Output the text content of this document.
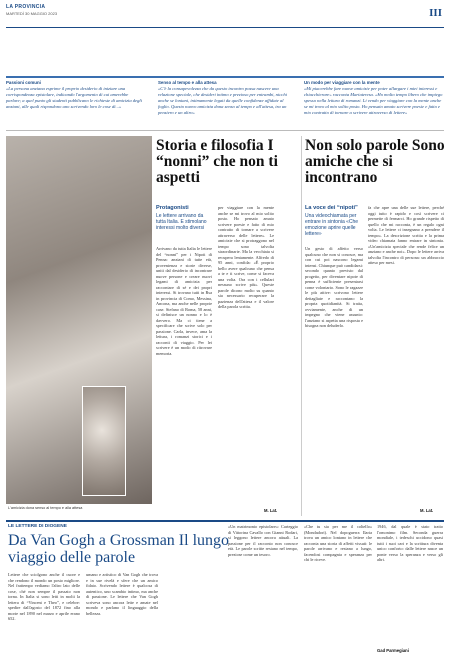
LA PROVINCIA
MARTEDÌ 30 MAGGIO 2023	III
Passioni comuni
«La persona anziana esprime il proprio desiderio di iniziare una corrispondenza epistolare, indicando l'argomento di cui amerebbe parlare; a quel punto gli studenti pubblicano le richieste di amicizia degli anziani, alle quali rispondono uno scrivendo loro le cose di...»
Senso al tempo e alla attesa
«C'è la consapevolezza che da questo incontro possa nascere una relazione speciale, che desideri intimo e prezioso per entrambi, nicchi anche se lontani, intimamente legati da quelle confidenze affidate al foglio. Questo nuovo amicizia dona senso al tempo e all'attesa, tra un pensiero e un altro»
Un modo per viaggiare con la mente
«Mi piacerebbe fare nuove amicizie per poter allargare i miei interessi e chiacchierare» racconta Mariateresa. «Ho molto tempo libero che impiego spesso nella lettura di romanzi. Li vendo per viaggiare con la mente anche se mi trovo al mio solito posto. Ho pensato amato scrivere poesie e fatto e mio contratto di tornare a scrivere attraverso di lettere»
L'amicizia dona senso al tempo e alla attesa
Storia e filosofia I “nonni” che non ti aspetti
Protagonisti
Le lettere arrivano da tutta Italia. E stimolano interessi molto diversi
Arrivano da tutta Italia le lettere del “nonni” per i Nipoti di Penna: anziani di tutte età, provenienza e storie diverse, uniti dal desiderio di incontrare nuove persone e creare nuovi legami di amicizia per raccontare di sé e dei propri interessi. Si trovano tutti in Rsa in provincia di Como, Messina, Ancona, ma anche nelle proprie case. Stefano di Roma, 58 anni, si definisce un nonno e lo è davvero. Ma ci tiene a specificare che scrive solo per passione. Carla, invece, ama la lettura, i romanzi storici e i racconti di viaggio. Per lei scrivere è un modo di ritrovare memoria.
per viaggiare con la mente anche se mi trovo al mio solito posto. Ho pensato amato scrivere poesie e fatto di mio contratto di tornare a scrivere attraverso delle lettere». Le amicizie che si protraggono nel tempo sono talvolta straordinarie. Ma la vecchiaia si recupera lentamente. Alfredo di 95 anni, confida: «È proprio bello avere qualcuno che pensa a te e ti scrive, come si faceva una volta. Ora con i cellulari nessuno scrive più». Queste parole dicono molto su quanto sia necessario recuperare la pazienza dell'attesa e il valore della parola scritta.
M. Lat.
Non solo parole Sono amiche che si incontrano
La voce dei “nipoti”
Una videochiamata per entrare in sintonia «Che emozione aprire quelle lettere»
Un gesto di affetto verso qualcuno che non si conosce, ma con cui poi nascono legami intensi. Chiunque può candidarsi: secondo quanto previsto dal progetto, per diventare nipote di penna è sufficiente presentarsi come volontario. Sono le ragazze le più attive: scrivono lettere dettagliate e raccontano la propria quotidianità. Si tratta, ovviamente, anche di un impegno che viene assunto: l'anziano si aspetta una risposta e bisogna non deluderlo.
fa che apre una delle sue lettere, perché oggi tutto è rapido e così scrivere ci permette di fermarci. Ho grande rispetto di quello che mi racconta, è un regalo ogni volta. Le lettere ci insegnano a prendere il tempo». La descrizione scritta e la prima video chiamata fanno entrare in sintonia. «Un'amicizia speciale che rende felice un anziano e anche noi». Dopo le lettere arriva talvolta l'incontro di persona: un abbraccio atteso per mesi.
M. Lat.
LE LETTERE DI DIOGENE
Da Van Gogh a Grossman Il lungo viaggio delle parole
Lettere che sciolgono anche il cuore e che rendono il mondo un posto migliore. Nel frattempo vediamo l'altro lato delle cose, ché non sempre il passato non torna. In Italia si sono letti in molti la lettera di “Vincent e Theo”, e celebre: spedire dall'agosto del 1872 fino alla morte nel 1890 nel marzo e aprile erano 652.
umano e artistico di Van Gogh che trova e in sue rivelà e sfere che un amico fidato. Scrivendo lettere è qualcosa di autentico, uno scambio intimo, ma anche di passione. Le lettere che Van Gogh scriveva sono ancora lette e amate nel mondo e parlano il linguaggio della bellezza.
«Un matrimonio epistolare»: Carteggio di Vittorina Cavallo con Gianni Rodari, si leggono lettere ancora attuali. La passione per il racconto non conosce età. Le parole scritte restano nel tempo, preziose come un tesoro.
«Che tu sia per me il coltello» (Mondadori). Nel dopoguerra Ilaria trova un amico lontano in lettere che racconta una storia di affetti vissuti: le parole arrivano e restano a lungo, facendosi compagnia e speranza per chi le riceve.
1946, dal quale è stato tratto l'omonimo film. Seconda guerra mondiale, i tedeschi uccidono quasi tutti i suoi cari e la scrittura diventa unico conforto: dalle lettere nasce un ponte verso la speranza e verso gli altri.
Gad Parmegiani
